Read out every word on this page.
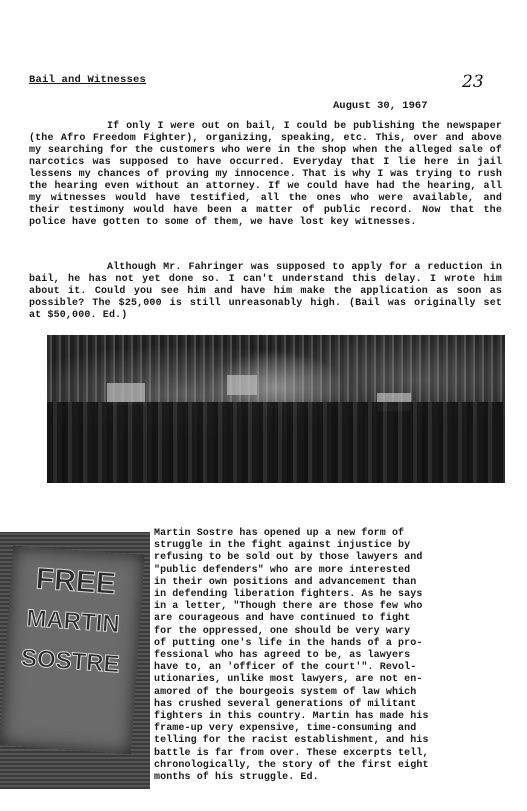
Bail and Witnesses	23
August 30, 1967
If only I were out on bail, I could be publishing the newspaper (the Afro Freedom Fighter), organizing, speaking, etc. This, over and above my searching for the customers who were in the shop when the alleged sale of narcotics was supposed to have occurred. Everyday that I lie here in jail lessens my chances of proving my innocence. That is why I was trying to rush the hearing even without an attorney. If we could have had the hearing, all my witnesses would have testified, all the ones who were available, and their testimony would have been a matter of public record. Now that the police have gotten to some of them, we have lost key witnesses.
Although Mr. Fahringer was supposed to apply for a reduction in bail, he has not yet done so. I can't understand this delay. I wrote him about it. Could you see him and have him make the application as soon as possible? The $25,000 is still unreasonably high. (Bail was originally set at $50,000. Ed.)
FREE
MARTIN
SOSTRE
Martin Sostre has opened up a new form of
struggle in the fight against injustice by
refusing to be sold out by those lawyers and
"public defenders" who are more interested
in their own positions and advancement than
in defending liberation fighters. As he says
in a letter, "Though there are those few who
are courageous and have continued to fight
for the oppressed, one should be very wary
of putting one's life in the hands of a pro-
fessional who has agreed to be, as lawyers
have to, an 'officer of the court'". Revol-
utionaries, unlike most lawyers, are not en-
amored of the bourgeois system of law which
has crushed several generations of militant
fighters in this country. Martin has made his
frame-up very expensive, time-consuming and
telling for the racist establishment, and his
battle is far from over. These excerpts tell,
chronologically, the story of the first eight
months of his struggle. Ed.
